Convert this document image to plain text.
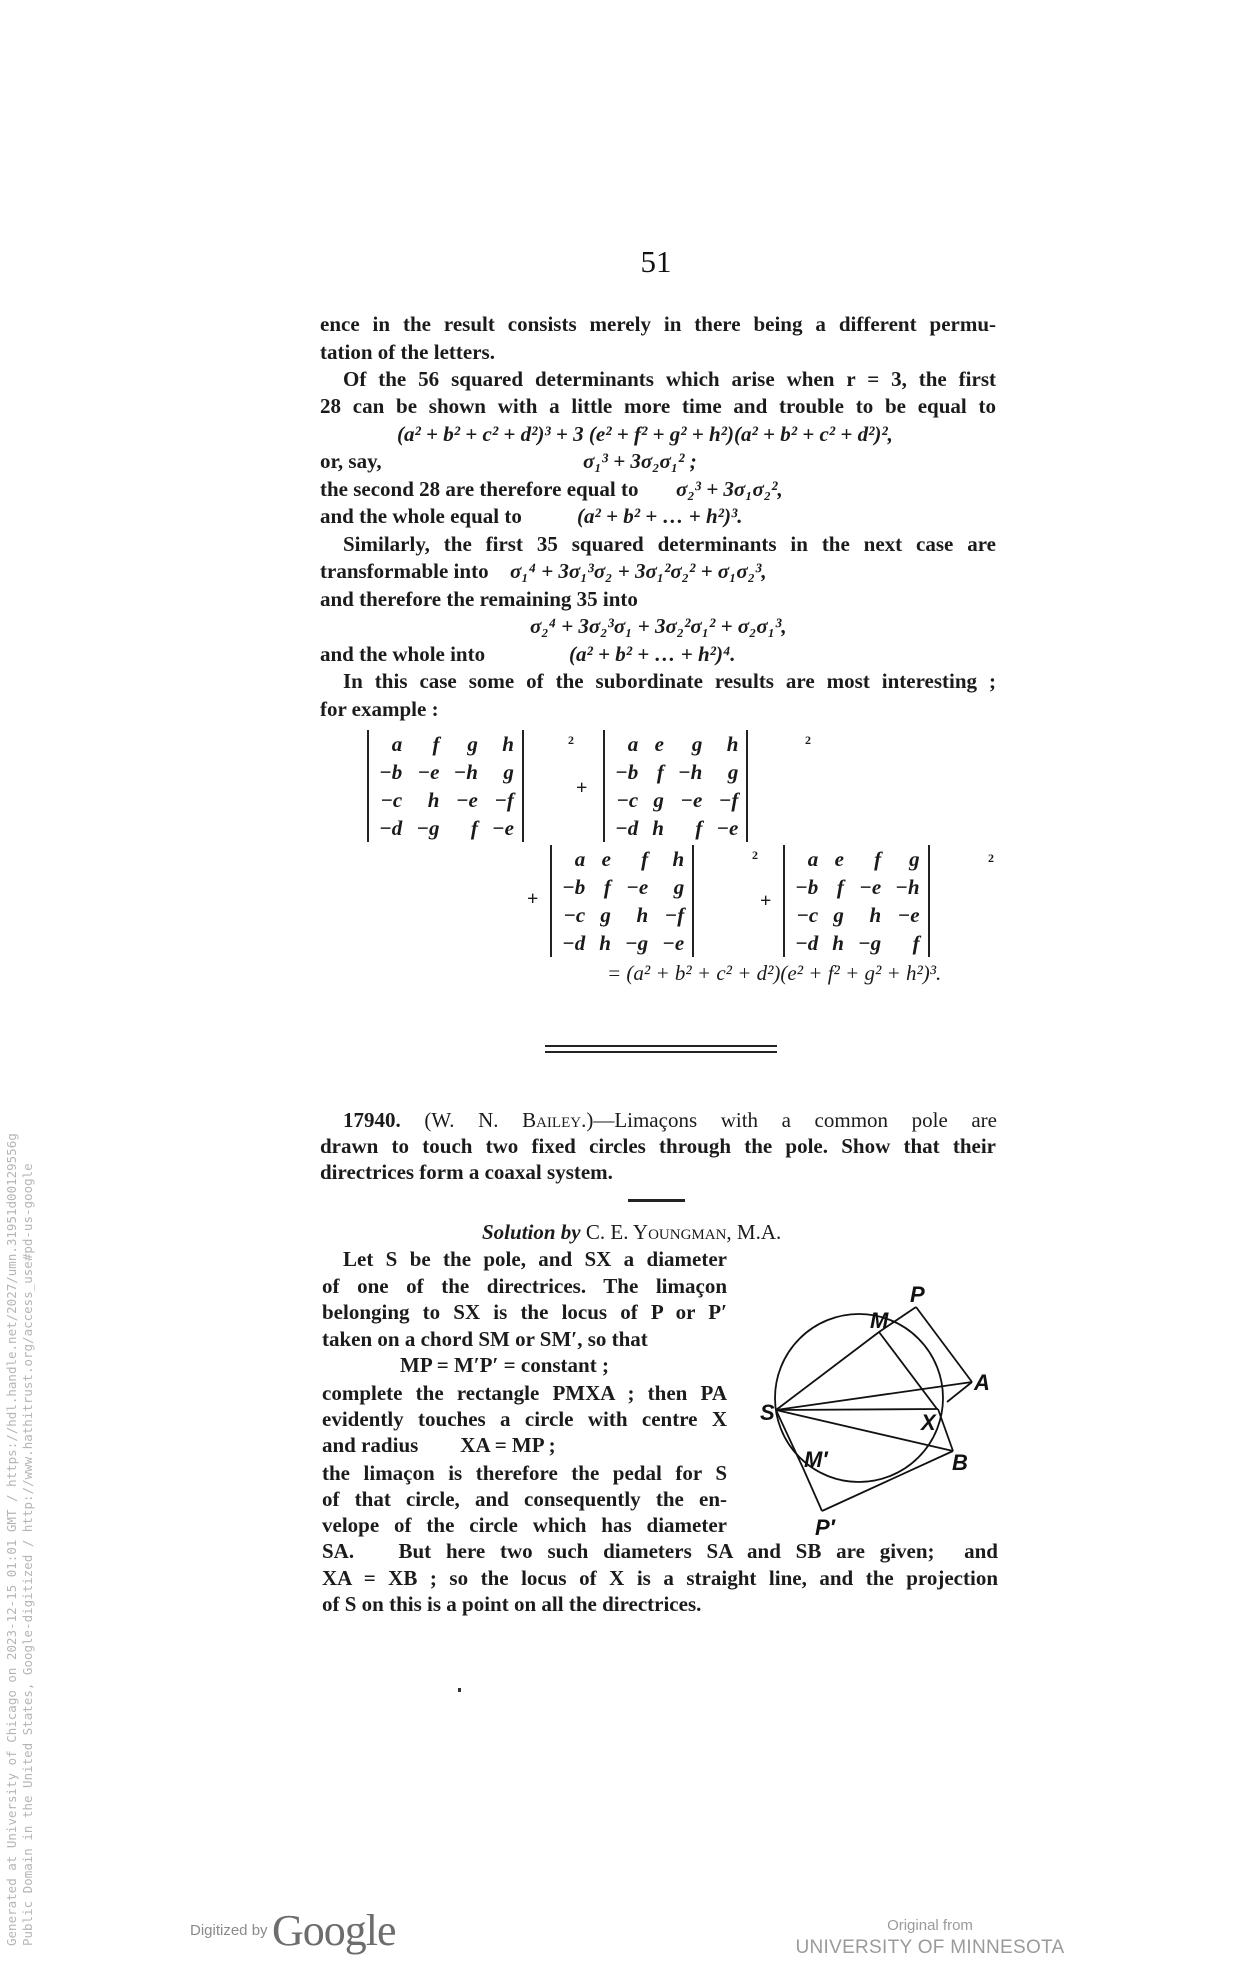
Generated at University of Chicago on 2023-12-15 01:01 GMT / https://hdl.handle.net/2027/umn.31951d00129556g Public Domain in the United States, Google-digitized / http://www.hathitrust.org/access_use#pd-us-google
51
ence in the result consists merely in there being a different permu-
tation of the letters.
Of the 56 squared determinants which arise when r = 3, the first
28 can be shown with a little more time and trouble to be equal to
(a² + b² + c² + d²)³ + 3 (e² + f² + g² + h²)(a² + b² + c² + d²)²,
or, say,	σ₁³ + 3σ₂σ₁² ;
the second 28 are therefore equal to σ₂³ + 3σ₁σ₂²,
and the whole equal to	(a² + b² + … + h²)³.
Similarly, the first 35 squared determinants in the next case are
transformable into σ₁⁴ + 3σ₁³σ₂ + 3σ₁²σ₂² + σ₁σ₂³,
and therefore the remaining 35 into
σ₂⁴ + 3σ₂³σ₁ + 3σ₂²σ₁² + σ₂σ₁³,
and the whole into	(a² + b² + … + h²)⁴.
In this case some of the subordinate results are most interesting ;
for example :
a	f	g	h
−b	−e	−h	g
−c	h	−e	−f
−d	−g	f	−e
2
+
a	e	g	h
−b	f	−h	g
−c	g	−e	−f
−d	h	f	−e
2
+
a	e	f	h
−b	f	−e	g
−c	g	h	−f
−d	h	−g	−e
2
+
a	e	f	g
−b	f	−e	−h
−c	g	h	−e
−d	h	−g	f
2
= (a² + b² + c² + d²)(e² + f² + g² + h²)³.
17940. (W. N. Bailey.)—Limaçons with a common pole are
drawn to touch two fixed circles through the pole. Show that their
directrices form a coaxal system.
Solution by C. E. Youngman, M.A.
Let S be the pole, and SX a diameter
of one of the directrices. The limaçon
belonging to SX is the locus of P or P′
taken on a chord SM or SM′, so that
MP = M′P′ = constant ;
complete the rectangle PMXA ; then PA
evidently touches a circle with centre X
and radius        XA = MP ;
the limaçon is therefore the pedal for S
of that circle, and consequently the en-
velope of the circle which has diameter
SA.   But here two such diameters SA and SB are given;  and
XA = XB ; so the locus of X is a straight line, and the projection
of S on this is a point on all the directrices.
P
M
A
S	X
B
M′
P′
Digitized by Google	Original from
UNIVERSITY OF MINNESOTA
